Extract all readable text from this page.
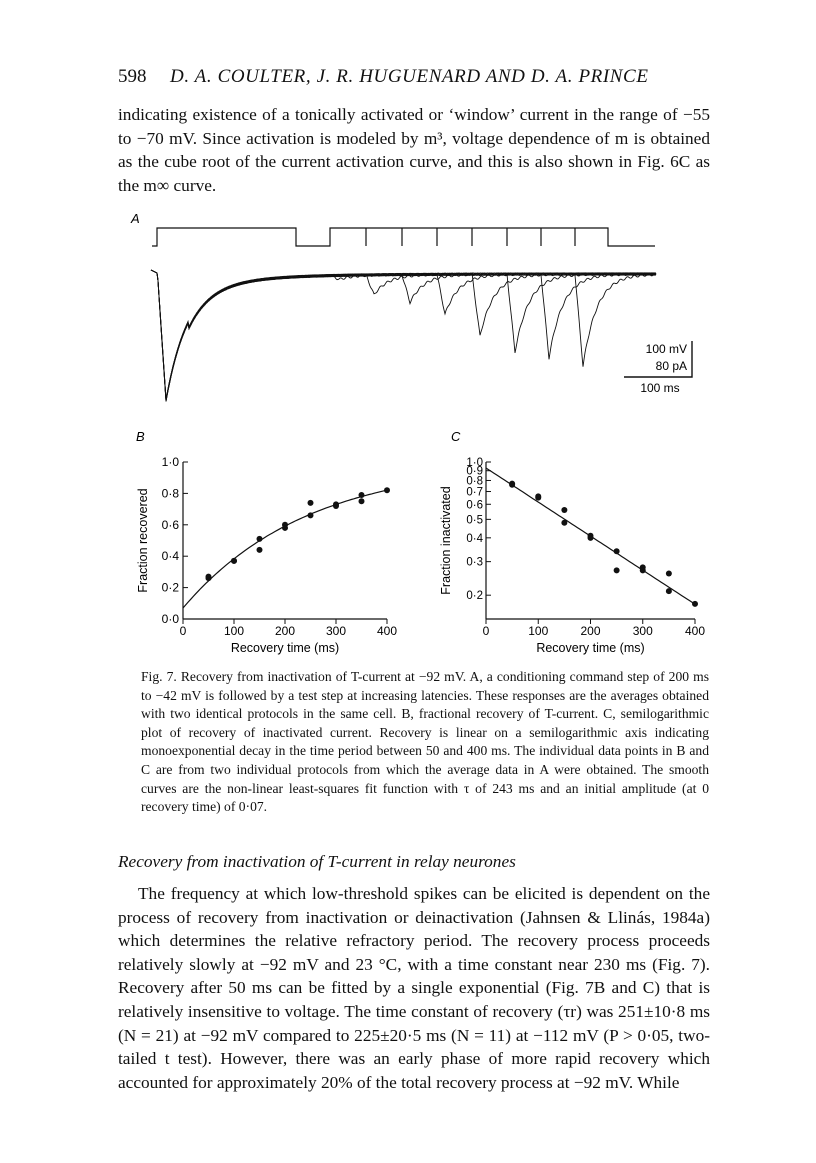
598 D. A. COULTER, J. R. HUGUENARD AND D. A. PRINCE

indicating existence of a tonically activated or ‘window’ current in the range of −55 to −70 mV. Since activation is modeled by m³, voltage dependence of m is obtained as the cube root of the current activation curve, and this is also shown in Fig. 6C as the m∞ curve.

A
100 mV
80 pA
100 ms
B
0	100	200	300	400
0·0
0·2
0·4
0·6
0·8
1·0
Recovery time (ms)
Fraction recovered
C
0	100	200	300	400
1·0
0·9
0·8
0·7
0·6
0·5
0·4
0·3
0·2
Recovery time (ms)
Fraction inactivated
Fig. 7. Recovery from inactivation of T-current at −92 mV. A, a conditioning command step of 200 ms to −42 mV is followed by a test step at increasing latencies. These responses are the averages obtained with two identical protocols in the same cell. B, fractional recovery of T-current. C, semilogarithmic plot of recovery of inactivated current. Recovery is linear on a semilogarithmic axis indicating monoexponential decay in the time period between 50 and 400 ms. The individual data points in B and C are from two individual protocols from which the average data in A were obtained. The smooth curves are the non-linear least-squares fit function with τ of 243 ms and an initial amplitude (at 0 recovery time) of 0·07.
Recovery from inactivation of T-current in relay neurones

The frequency at which low-threshold spikes can be elicited is dependent on the process of recovery from inactivation or deinactivation (Jahnsen & Llinás, 1984a) which determines the relative refractory period. The recovery process proceeds relatively slowly at −92 mV and 23 °C, with a time constant near 230 ms (Fig. 7). Recovery after 50 ms can be fitted by a single exponential (Fig. 7B and C) that is relatively insensitive to voltage. The time constant of recovery (τr) was 251±10·8 ms (N = 21) at −92 mV compared to 225±20·5 ms (N = 11) at −112 mV (P > 0·05, two-tailed t test). However, there was an early phase of more rapid recovery which accounted for approximately 20% of the total recovery process at −92 mV. While
